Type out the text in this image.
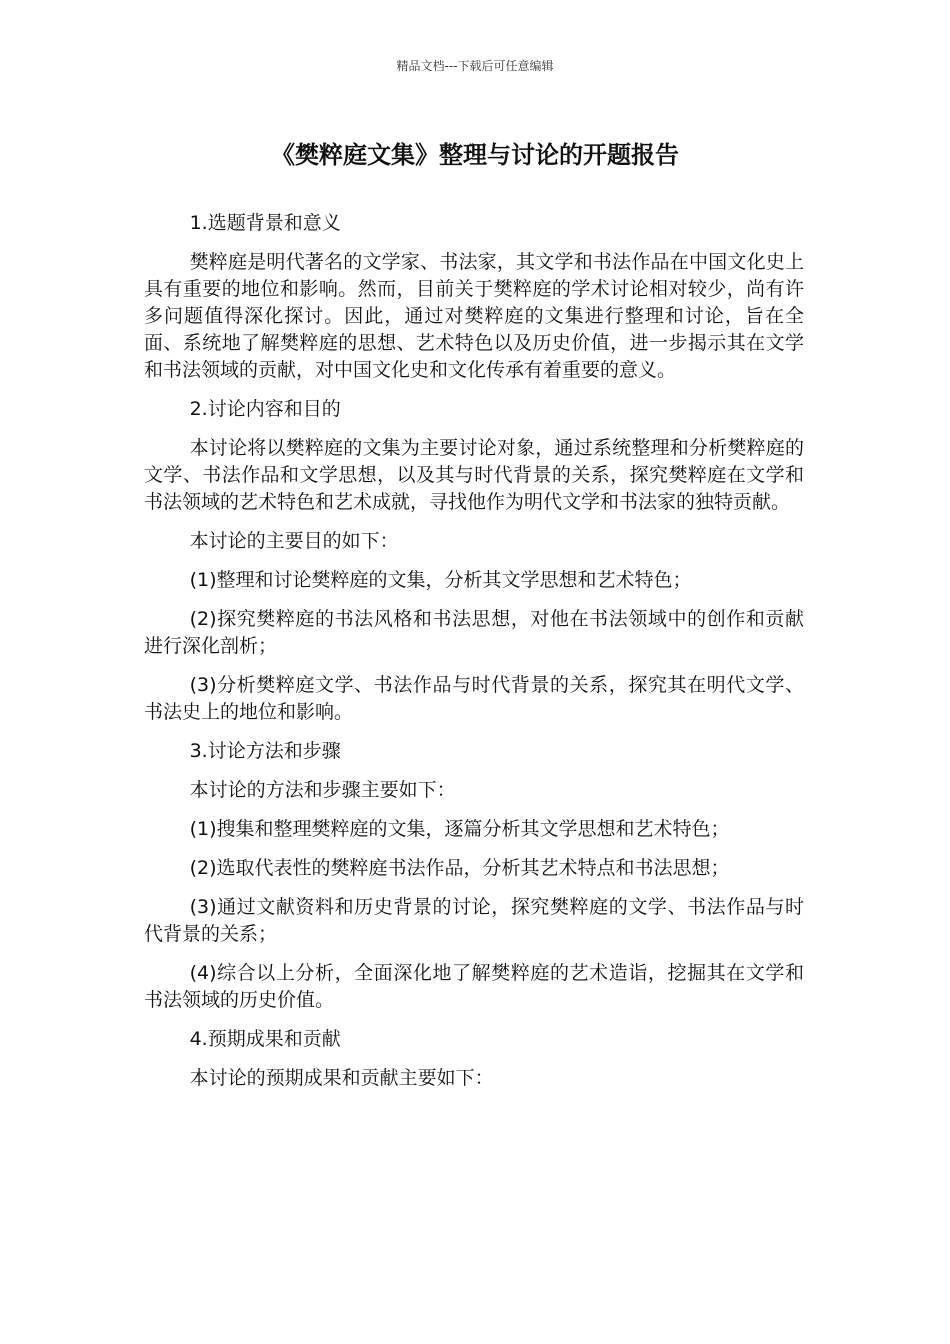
精品文档---下载后可任意编辑
《樊粹庭文集》整理与讨论的开题报告

1.选题背景和意义

樊粹庭是明代著名的文学家、书法家，其文学和书法作品在中国文化史上具有重要的地位和影响。然而，目前关于樊粹庭的学术讨论相对较少，尚有许多问题值得深化探讨。因此，通过对樊粹庭的文集进行整理和讨论，旨在全面、系统地了解樊粹庭的思想、艺术特色以及历史价值，进一步揭示其在文学和书法领域的贡献，对中国文化史和文化传承有着重要的意义。

2.讨论内容和目的

本讨论将以樊粹庭的文集为主要讨论对象，通过系统整理和分析樊粹庭的文学、书法作品和文学思想，以及其与时代背景的关系，探究樊粹庭在文学和书法领域的艺术特色和艺术成就，寻找他作为明代文学和书法家的独特贡献。

本讨论的主要目的如下：

(1)整理和讨论樊粹庭的文集，分析其文学思想和艺术特色；

(2)探究樊粹庭的书法风格和书法思想，对他在书法领域中的创作和贡献进行深化剖析；

(3)分析樊粹庭文学、书法作品与时代背景的关系，探究其在明代文学、书法史上的地位和影响。

3.讨论方法和步骤

本讨论的方法和步骤主要如下：

(1)搜集和整理樊粹庭的文集，逐篇分析其文学思想和艺术特色；

(2)选取代表性的樊粹庭书法作品，分析其艺术特点和书法思想；

(3)通过文献资料和历史背景的讨论，探究樊粹庭的文学、书法作品与时代背景的关系；

(4)综合以上分析，全面深化地了解樊粹庭的艺术造诣，挖掘其在文学和书法领域的历史价值。

4.预期成果和贡献

本讨论的预期成果和贡献主要如下：
